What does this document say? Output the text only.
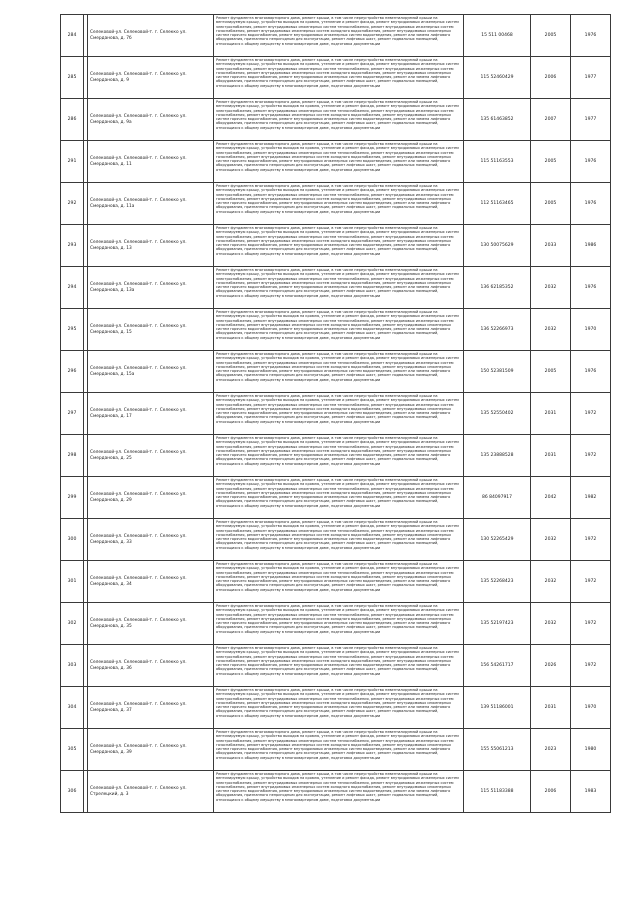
284		Селековой-ул. Селековой-т. г. Селекко ул. Смерданова, д. 7б	Ремонт фундамента многоквартирного дома, ремонт крыши, в том числе переустройство невентилируемой крыши на вентилируемую крышу, устройство выходов на кровлю, утепление и ремонт фасада, ремонт внутридомовых инженерных систем электроснабжения, ремонт внутридомовых инженерных систем теплоснабжения, ремонт внутридомовых инженерных систем газоснабжения, ремонт внутридомовых инженерных систем холодного водоснабжения, ремонт внутридомовых инженерных систем горячего водоснабжения, ремонт внутридомовых инженерных систем водоотведения, ремонт или замена лифтового оборудования, признанного непригодным для эксплуатации, ремонт лифтовых шахт, ремонт подвальных помещений, относящихся к общему имуществу в многоквартирном доме, подготовка документации	15 511 00468	2005	1976
285		Селековой-ул. Селековой-т. г. Селекко ул. Смерданова, д. 9	Ремонт фундамента многоквартирного дома, ремонт крыши, в том числе переустройство невентилируемой крыши на вентилируемую крышу, устройство выходов на кровлю, утепление и ремонт фасада, ремонт внутридомовых инженерных систем электроснабжения, ремонт внутридомовых инженерных систем теплоснабжения, ремонт внутридомовых инженерных систем газоснабжения, ремонт внутридомовых инженерных систем холодного водоснабжения, ремонт внутридомовых инженерных систем горячего водоснабжения, ремонт внутридомовых инженерных систем водоотведения, ремонт или замена лифтового оборудования, признанного непригодным для эксплуатации, ремонт лифтовых шахт, ремонт подвальных помещений, относящихся к общему имуществу в многоквартирном доме, подготовка документации	115 52460429	2006	1977
286		Селековой-ул. Селековой-т. г. Селекко ул. Смерданова, д. 9а	Ремонт фундамента многоквартирного дома, ремонт крыши, в том числе переустройство невентилируемой крыши на вентилируемую крышу, устройство выходов на кровлю, утепление и ремонт фасада, ремонт внутридомовых инженерных систем электроснабжения, ремонт внутридомовых инженерных систем теплоснабжения, ремонт внутридомовых инженерных систем газоснабжения, ремонт внутридомовых инженерных систем холодного водоснабжения, ремонт внутридомовых инженерных систем горячего водоснабжения, ремонт внутридомовых инженерных систем водоотведения, ремонт или замена лифтового оборудования, признанного непригодным для эксплуатации, ремонт лифтовых шахт, ремонт подвальных помещений, относящихся к общему имуществу в многоквартирном доме, подготовка документации	135 61463852	2007	1977
291		Селековой-ул. Селековой-т. г. Селекко ул. Смерданова, д. 11	Ремонт фундамента многоквартирного дома, ремонт крыши, в том числе переустройство невентилируемой крыши на вентилируемую крышу, устройство выходов на кровлю, утепление и ремонт фасада, ремонт внутридомовых инженерных систем электроснабжения, ремонт внутридомовых инженерных систем теплоснабжения, ремонт внутридомовых инженерных систем газоснабжения, ремонт внутридомовых инженерных систем холодного водоснабжения, ремонт внутридомовых инженерных систем горячего водоснабжения, ремонт внутридомовых инженерных систем водоотведения, ремонт или замена лифтового оборудования, признанного непригодным для эксплуатации, ремонт лифтовых шахт, ремонт подвальных помещений, относящихся к общему имуществу в многоквартирном доме, подготовка документации	115 51163553	2005	1976
292		Селековой-ул. Селековой-т. г. Селекко ул. Смерданова, д. 11а	Ремонт фундамента многоквартирного дома, ремонт крыши, в том числе переустройство невентилируемой крыши на вентилируемую крышу, устройство выходов на кровлю, утепление и ремонт фасада, ремонт внутридомовых инженерных систем электроснабжения, ремонт внутридомовых инженерных систем теплоснабжения, ремонт внутридомовых инженерных систем газоснабжения, ремонт внутридомовых инженерных систем холодного водоснабжения, ремонт внутридомовых инженерных систем горячего водоснабжения, ремонт внутридомовых инженерных систем водоотведения, ремонт или замена лифтового оборудования, признанного непригодным для эксплуатации, ремонт лифтовых шахт, ремонт подвальных помещений, относящихся к общему имуществу в многоквартирном доме, подготовка документации	112 51163465	2005	1976
293		Селековой-ул. Селековой-т. г. Селекко ул. Смерданова, д. 13	Ремонт фундамента многоквартирного дома, ремонт крыши, в том числе переустройство невентилируемой крыши на вентилируемую крышу, устройство выходов на кровлю, утепление и ремонт фасада, ремонт внутридомовых инженерных систем электроснабжения, ремонт внутридомовых инженерных систем теплоснабжения, ремонт внутридомовых инженерных систем газоснабжения, ремонт внутридомовых инженерных систем холодного водоснабжения, ремонт внутридомовых инженерных систем горячего водоснабжения, ремонт внутридомовых инженерных систем водоотведения, ремонт или замена лифтового оборудования, признанного непригодным для эксплуатации, ремонт лифтовых шахт, ремонт подвальных помещений, относящихся к общему имуществу в многоквартирном доме, подготовка документации	130 50075629	2033	1986
294		Селековой-ул. Селековой-т. г. Селекко ул. Смерданова, д. 13а	Ремонт фундамента многоквартирного дома, ремонт крыши, в том числе переустройство невентилируемой крыши на вентилируемую крышу, устройство выходов на кровлю, утепление и ремонт фасада, ремонт внутридомовых инженерных систем электроснабжения, ремонт внутридомовых инженерных систем теплоснабжения, ремонт внутридомовых инженерных систем газоснабжения, ремонт внутридомовых инженерных систем холодного водоснабжения, ремонт внутридомовых инженерных систем горячего водоснабжения, ремонт внутридомовых инженерных систем водоотведения, ремонт или замена лифтового оборудования, признанного непригодным для эксплуатации, ремонт лифтовых шахт, ремонт подвальных помещений, относящихся к общему имуществу в многоквартирном доме, подготовка документации	136 62185352	2032	1976
295		Селековой-ул. Селековой-т. г. Селекко ул. Смерданова, д. 15	Ремонт фундамента многоквартирного дома, ремонт крыши, в том числе переустройство невентилируемой крыши на вентилируемую крышу, устройство выходов на кровлю, утепление и ремонт фасада, ремонт внутридомовых инженерных систем электроснабжения, ремонт внутридомовых инженерных систем теплоснабжения, ремонт внутридомовых инженерных систем газоснабжения, ремонт внутридомовых инженерных систем холодного водоснабжения, ремонт внутридомовых инженерных систем горячего водоснабжения, ремонт внутридомовых инженерных систем водоотведения, ремонт или замена лифтового оборудования, признанного непригодным для эксплуатации, ремонт лифтовых шахт, ремонт подвальных помещений, относящихся к общему имуществу в многоквартирном доме, подготовка документации	136 52266973	2032	1970
296		Селековой-ул. Селековой-т. г. Селекко ул. Смерданова, д. 15а	Ремонт фундамента многоквартирного дома, ремонт крыши, в том числе переустройство невентилируемой крыши на вентилируемую крышу, устройство выходов на кровлю, утепление и ремонт фасада, ремонт внутридомовых инженерных систем электроснабжения, ремонт внутридомовых инженерных систем теплоснабжения, ремонт внутридомовых инженерных систем газоснабжения, ремонт внутридомовых инженерных систем холодного водоснабжения, ремонт внутридомовых инженерных систем горячего водоснабжения, ремонт внутридомовых инженерных систем водоотведения, ремонт или замена лифтового оборудования, признанного непригодным для эксплуатации, ремонт лифтовых шахт, ремонт подвальных помещений, относящихся к общему имуществу в многоквартирном доме, подготовка документации	150 52381509	2005	1976
297		Селековой-ул. Селековой-т. г. Селекко ул. Смерданова, д. 17	Ремонт фундамента многоквартирного дома, ремонт крыши, в том числе переустройство невентилируемой крыши на вентилируемую крышу, устройство выходов на кровлю, утепление и ремонт фасада, ремонт внутридомовых инженерных систем электроснабжения, ремонт внутридомовых инженерных систем теплоснабжения, ремонт внутридомовых инженерных систем газоснабжения, ремонт внутридомовых инженерных систем холодного водоснабжения, ремонт внутридомовых инженерных систем горячего водоснабжения, ремонт внутридомовых инженерных систем водоотведения, ремонт или замена лифтового оборудования, признанного непригодным для эксплуатации, ремонт лифтовых шахт, ремонт подвальных помещений, относящихся к общему имуществу в многоквартирном доме, подготовка документации	135 52550402	2031	1972
298		Селековой-ул. Селековой-т. г. Селекко ул. Смерданова, д. 25	Ремонт фундамента многоквартирного дома, ремонт крыши, в том числе переустройство невентилируемой крыши на вентилируемую крышу, устройство выходов на кровлю, утепление и ремонт фасада, ремонт внутридомовых инженерных систем электроснабжения, ремонт внутридомовых инженерных систем теплоснабжения, ремонт внутридомовых инженерных систем газоснабжения, ремонт внутридомовых инженерных систем холодного водоснабжения, ремонт внутридомовых инженерных систем горячего водоснабжения, ремонт внутридомовых инженерных систем водоотведения, ремонт или замена лифтового оборудования, признанного непригодным для эксплуатации, ремонт лифтовых шахт, ремонт подвальных помещений, относящихся к общему имуществу в многоквартирном доме, подготовка документации	135 23888528	2031	1972
299		Селековой-ул. Селековой-т. г. Селекко ул. Смерданова, д. 29	Ремонт фундамента многоквартирного дома, ремонт крыши, в том числе переустройство невентилируемой крыши на вентилируемую крышу, устройство выходов на кровлю, утепление и ремонт фасада, ремонт внутридомовых инженерных систем электроснабжения, ремонт внутридомовых инженерных систем теплоснабжения, ремонт внутридомовых инженерных систем газоснабжения, ремонт внутридомовых инженерных систем холодного водоснабжения, ремонт внутридомовых инженерных систем горячего водоснабжения, ремонт внутридомовых инженерных систем водоотведения, ремонт или замена лифтового оборудования, признанного непригодным для эксплуатации, ремонт лифтовых шахт, ремонт подвальных помещений, относящихся к общему имуществу в многоквартирном доме, подготовка документации	86 84097917	2042	1982
300		Селековой-ул. Селековой-т. г. Селекко ул. Смерданова, д. 33	Ремонт фундамента многоквартирного дома, ремонт крыши, в том числе переустройство невентилируемой крыши на вентилируемую крышу, устройство выходов на кровлю, утепление и ремонт фасада, ремонт внутридомовых инженерных систем электроснабжения, ремонт внутридомовых инженерных систем теплоснабжения, ремонт внутридомовых инженерных систем газоснабжения, ремонт внутридомовых инженерных систем холодного водоснабжения, ремонт внутридомовых инженерных систем горячего водоснабжения, ремонт внутридомовых инженерных систем водоотведения, ремонт или замена лифтового оборудования, признанного непригодным для эксплуатации, ремонт лифтовых шахт, ремонт подвальных помещений, относящихся к общему имуществу в многоквартирном доме, подготовка документации	130 52265429	2032	1972
301		Селековой-ул. Селековой-т. г. Селекко ул. Смерданова, д. 34	Ремонт фундамента многоквартирного дома, ремонт крыши, в том числе переустройство невентилируемой крыши на вентилируемую крышу, устройство выходов на кровлю, утепление и ремонт фасада, ремонт внутридомовых инженерных систем электроснабжения, ремонт внутридомовых инженерных систем теплоснабжения, ремонт внутридомовых инженерных систем газоснабжения, ремонт внутридомовых инженерных систем холодного водоснабжения, ремонт внутридомовых инженерных систем горячего водоснабжения, ремонт внутридомовых инженерных систем водоотведения, ремонт или замена лифтового оборудования, признанного непригодным для эксплуатации, ремонт лифтовых шахт, ремонт подвальных помещений, относящихся к общему имуществу в многоквартирном доме, подготовка документации	135 52268423	2032	1972
302		Селековой-ул. Селековой-т. г. Селекко ул. Смерданова, д. 35	Ремонт фундамента многоквартирного дома, ремонт крыши, в том числе переустройство невентилируемой крыши на вентилируемую крышу, устройство выходов на кровлю, утепление и ремонт фасада, ремонт внутридомовых инженерных систем электроснабжения, ремонт внутридомовых инженерных систем теплоснабжения, ремонт внутридомовых инженерных систем газоснабжения, ремонт внутридомовых инженерных систем холодного водоснабжения, ремонт внутридомовых инженерных систем горячего водоснабжения, ремонт внутридомовых инженерных систем водоотведения, ремонт или замена лифтового оборудования, признанного непригодным для эксплуатации, ремонт лифтовых шахт, ремонт подвальных помещений, относящихся к общему имуществу в многоквартирном доме, подготовка документации	135 52197423	2032	1972
303		Селековой-ул. Селековой-т. г. Селекко ул. Смерданова, д. 36	Ремонт фундамента многоквартирного дома, ремонт крыши, в том числе переустройство невентилируемой крыши на вентилируемую крышу, устройство выходов на кровлю, утепление и ремонт фасада, ремонт внутридомовых инженерных систем электроснабжения, ремонт внутридомовых инженерных систем теплоснабжения, ремонт внутридомовых инженерных систем газоснабжения, ремонт внутридомовых инженерных систем холодного водоснабжения, ремонт внутридомовых инженерных систем горячего водоснабжения, ремонт внутридомовых инженерных систем водоотведения, ремонт или замена лифтового оборудования, признанного непригодным для эксплуатации, ремонт лифтовых шахт, ремонт подвальных помещений, относящихся к общему имуществу в многоквартирном доме, подготовка документации	156 54261717	2026	1972
304		Селековой-ул. Селековой-т. г. Селекко ул. Смерданова, д. 37	Ремонт фундамента многоквартирного дома, ремонт крыши, в том числе переустройство невентилируемой крыши на вентилируемую крышу, устройство выходов на кровлю, утепление и ремонт фасада, ремонт внутридомовых инженерных систем электроснабжения, ремонт внутридомовых инженерных систем теплоснабжения, ремонт внутридомовых инженерных систем газоснабжения, ремонт внутридомовых инженерных систем холодного водоснабжения, ремонт внутридомовых инженерных систем горячего водоснабжения, ремонт внутридомовых инженерных систем водоотведения, ремонт или замена лифтового оборудования, признанного непригодным для эксплуатации, ремонт лифтовых шахт, ремонт подвальных помещений, относящихся к общему имуществу в многоквартирном доме, подготовка документации	139 51186001	2031	1970
305		Селековой-ул. Селековой-т. г. Селекко ул. Смерданова, д. 39	Ремонт фундамента многоквартирного дома, ремонт крыши, в том числе переустройство невентилируемой крыши на вентилируемую крышу, устройство выходов на кровлю, утепление и ремонт фасада, ремонт внутридомовых инженерных систем электроснабжения, ремонт внутридомовых инженерных систем теплоснабжения, ремонт внутридомовых инженерных систем газоснабжения, ремонт внутридомовых инженерных систем холодного водоснабжения, ремонт внутридомовых инженерных систем горячего водоснабжения, ремонт внутридомовых инженерных систем водоотведения, ремонт или замена лифтового оборудования, признанного непригодным для эксплуатации, ремонт лифтовых шахт, ремонт подвальных помещений, относящихся к общему имуществу в многоквартирном доме, подготовка документации	155 55061213	2023	1980
306		Селековой-ул. Селековой-т. г. Селекко ул. Стрелецкий, д. 3	Ремонт фундамента многоквартирного дома, ремонт крыши, в том числе переустройство невентилируемой крыши на вентилируемую крышу, устройство выходов на кровлю, утепление и ремонт фасада, ремонт внутридомовых инженерных систем электроснабжения, ремонт внутридомовых инженерных систем теплоснабжения, ремонт внутридомовых инженерных систем газоснабжения, ремонт внутридомовых инженерных систем холодного водоснабжения, ремонт внутридомовых инженерных систем горячего водоснабжения, ремонт внутридомовых инженерных систем водоотведения, ремонт или замена лифтового оборудования, признанного непригодным для эксплуатации, ремонт лифтовых шахт, ремонт подвальных помещений, относящихся к общему имуществу в многоквартирном доме, подготовка документации	115 51183388	2006	1983
